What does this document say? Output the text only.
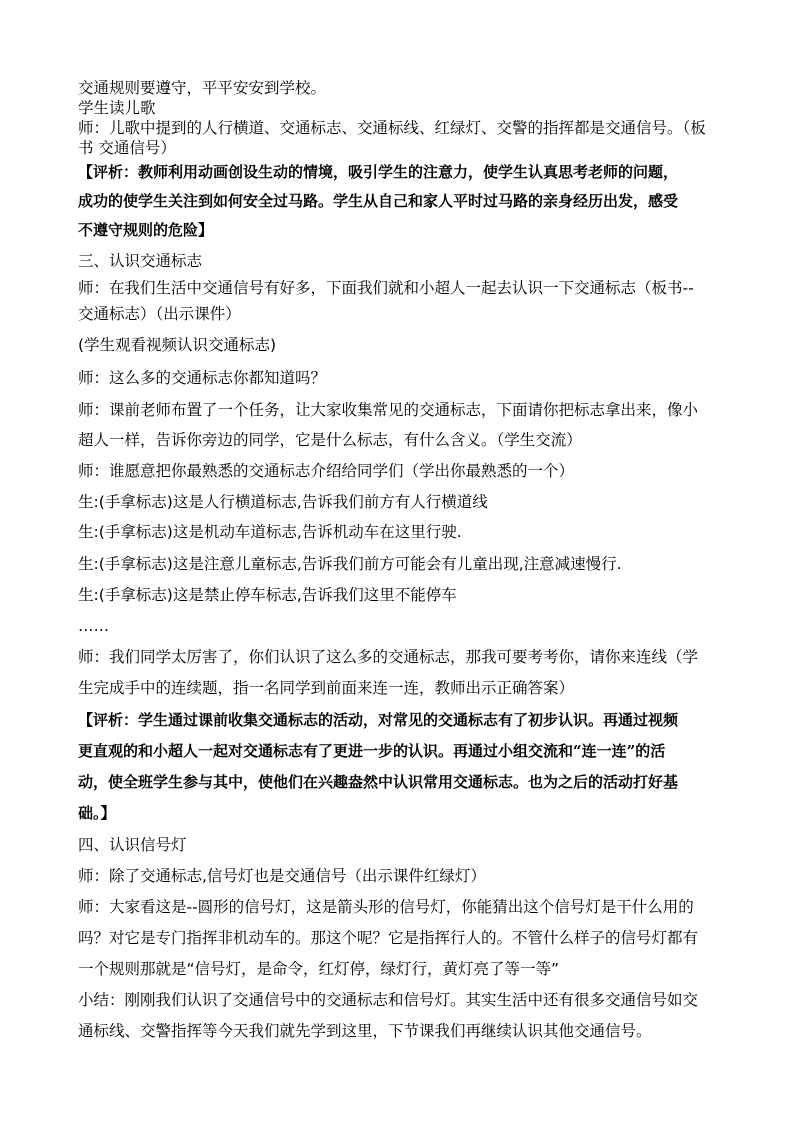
交通规则要遵守，平平安安到学校。
学生读儿歌
师：儿歌中提到的人行横道、交通标志、交通标线、红绿灯、交警的指挥都是交通信号。（板
书 交通信号）
【评析：教师利用动画创设生动的情境，吸引学生的注意力，使学生认真思考老师的问题，
成功的使学生关注到如何安全过马路。学生从自己和家人平时过马路的亲身经历出发，感受
不遵守规则的危险】
三、认识交通标志
师：在我们生活中交通信号有好多，下面我们就和小超人一起去认识一下交通标志（板书--
交通标志）（出示课件）
(学生观看视频认识交通标志)
师：这么多的交通标志你都知道吗？
师：课前老师布置了一个任务，让大家收集常见的交通标志，下面请你把标志拿出来，像小
超人一样，告诉你旁边的同学，它是什么标志，有什么含义。（学生交流）
师：谁愿意把你最熟悉的交通标志介绍给同学们（学出你最熟悉的一个）
生:(手拿标志)这是人行横道标志,告诉我们前方有人行横道线
生:(手拿标志)这是机动车道标志,告诉机动车在这里行驶.
生:(手拿标志)这是注意儿童标志,告诉我们前方可能会有儿童出现,注意减速慢行.
生:(手拿标志)这是禁止停车标志,告诉我们这里不能停车
……
师：我们同学太厉害了，你们认识了这么多的交通标志，那我可要考考你，请你来连线（学
生完成手中的连续题，指一名同学到前面来连一连，教师出示正确答案）
【评析：学生通过课前收集交通标志的活动，对常见的交通标志有了初步认识。再通过视频
更直观的和小超人一起对交通标志有了更进一步的认识。再通过小组交流和“连一连”的活
动，使全班学生参与其中，使他们在兴趣盎然中认识常用交通标志。也为之后的活动打好基
础。】
四、认识信号灯
师：除了交通标志,信号灯也是交通信号（出示课件红绿灯）
师：大家看这是--圆形的信号灯，这是箭头形的信号灯，你能猜出这个信号灯是干什么用的
吗？对它是专门指挥非机动车的。那这个呢？它是指挥行人的。不管什么样子的信号灯都有
一个规则那就是“信号灯，是命令，红灯停，绿灯行，黄灯亮了等一等”
小结：刚刚我们认识了交通信号中的交通标志和信号灯。其实生活中还有很多交通信号如交
通标线、交警指挥等今天我们就先学到这里，下节课我们再继续认识其他交通信号。
